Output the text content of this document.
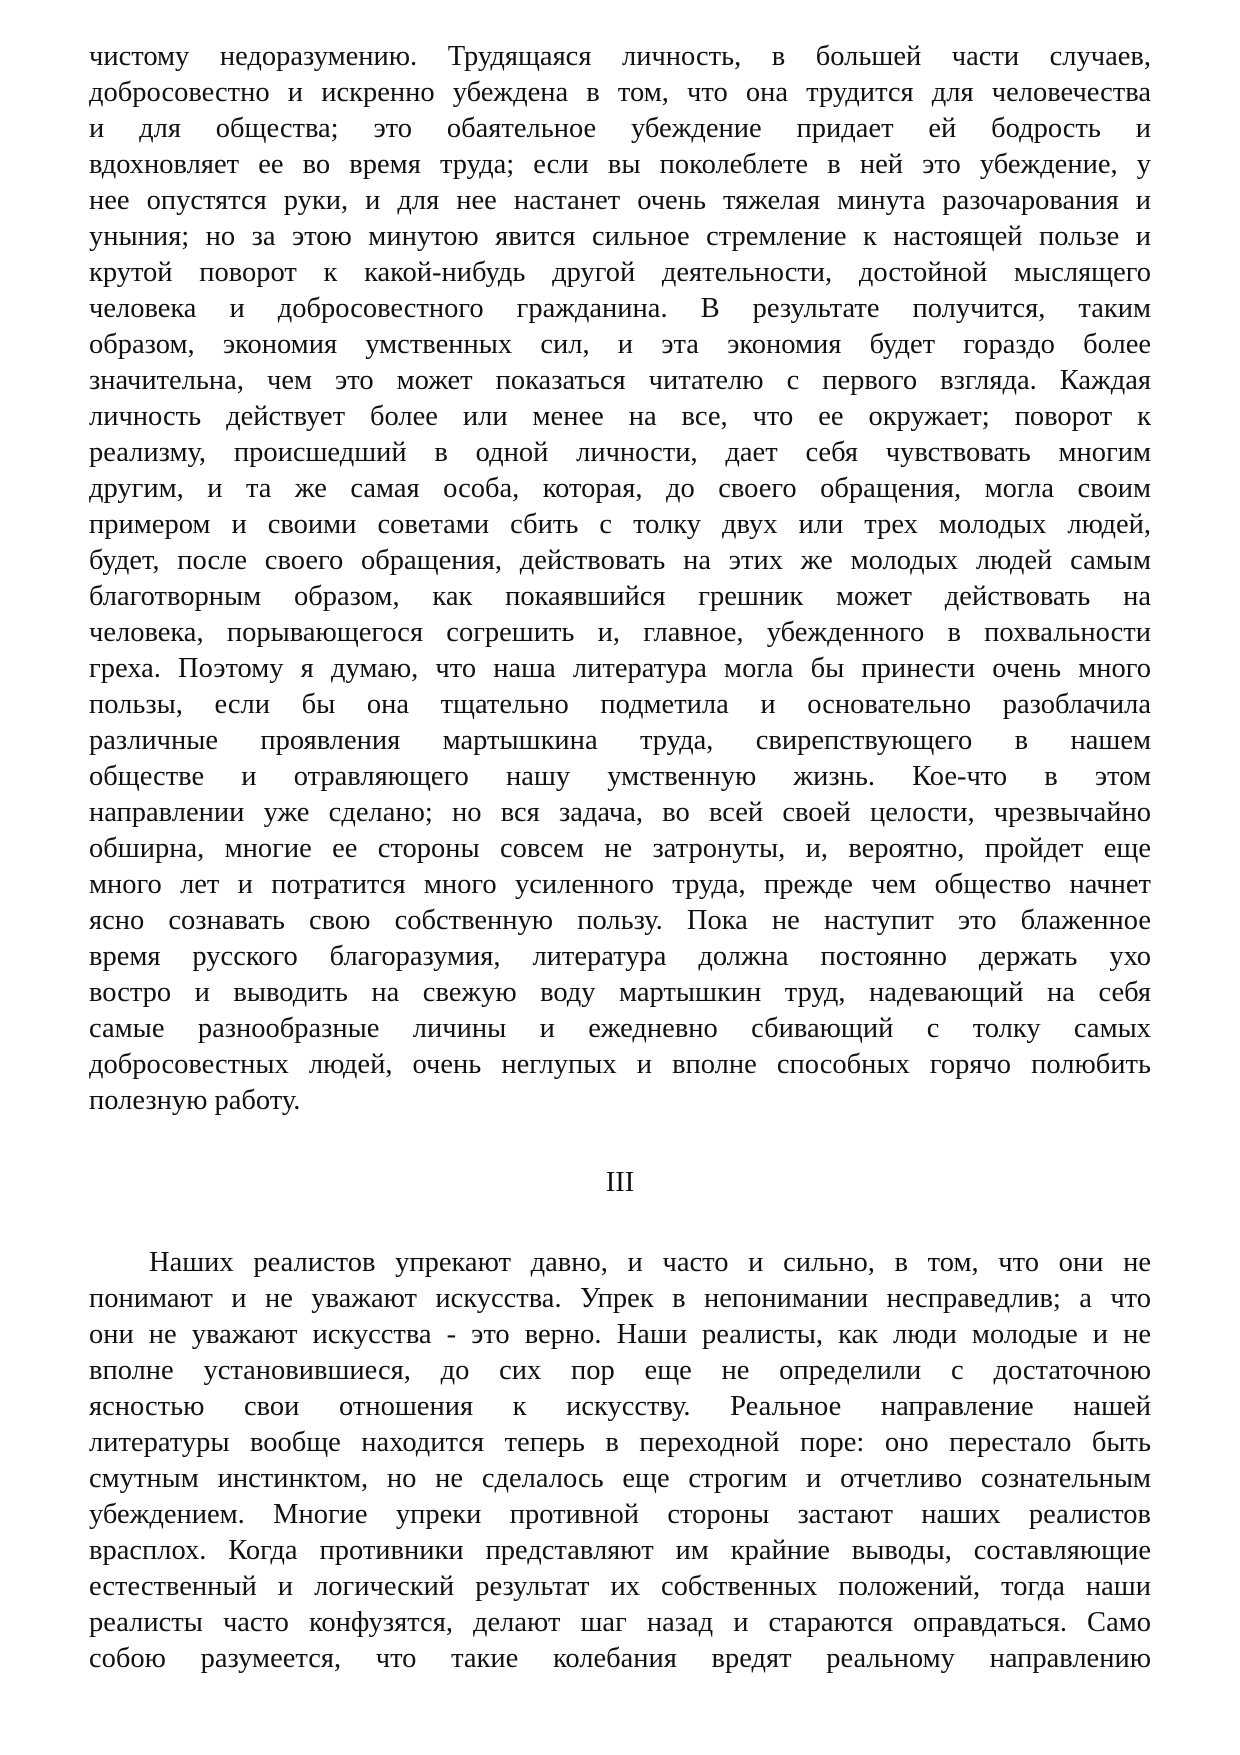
чистому недоразумению. Трудящаяся личность, в большей части случаев,
добросовестно и искренно убеждена в том, что она трудится для человечества
и для общества; это обаятельное убеждение придает ей бодрость и
вдохновляет ее во время труда; если вы поколеблете в ней это убеждение, у
нее опустятся руки, и для нее настанет очень тяжелая минута разочарования и
уныния; но за этою минутою явится сильное стремление к настоящей пользе и
крутой поворот к какой-нибудь другой деятельности, достойной мыслящего
человека и добросовестного гражданина. В результате получится, таким
образом, экономия умственных сил, и эта экономия будет гораздо более
значительна, чем это может показаться читателю с первого взгляда. Каждая
личность действует более или менее на все, что ее окружает; поворот к
реализму, происшедший в одной личности, дает себя чувствовать многим
другим, и та же самая особа, которая, до своего обращения, могла своим
примером и своими советами сбить с толку двух или трех молодых людей,
будет, после своего обращения, действовать на этих же молодых людей самым
благотворным образом, как покаявшийся грешник может действовать на
человека, порывающегося согрешить и, главное, убежденного в похвальности
греха. Поэтому я думаю, что наша литература могла бы принести очень много
пользы, если бы она тщательно подметила и основательно разоблачила
различные проявления мартышкина труда, свирепствующего в нашем
обществе и отравляющего нашу умственную жизнь. Кое-что в этом
направлении уже сделано; но вся задача, во всей своей целости, чрезвычайно
обширна, многие ее стороны совсем не затронуты, и, вероятно, пройдет еще
много лет и потратится много усиленного труда, прежде чем общество начнет
ясно сознавать свою собственную пользу. Пока не наступит это блаженное
время русского благоразумия, литература должна постоянно держать ухо
востро и выводить на свежую воду мартышкин труд, надевающий на себя
самые разнообразные личины и ежедневно сбивающий с толку самых
добросовестных людей, очень неглупых и вполне способных горячо полюбить
полезную работу.
III
Наших реалистов упрекают давно, и часто и сильно, в том, что они не
понимают и не уважают искусства. Упрек в непонимании несправедлив; а что
они не уважают искусства - это верно. Наши реалисты, как люди молодые и не
вполне установившиеся, до сих пор еще не определили с достаточною
ясностью свои отношения к искусству. Реальное направление нашей
литературы вообще находится теперь в переходной поре: оно перестало быть
смутным инстинктом, но не сделалось еще строгим и отчетливо сознательным
убеждением. Многие упреки противной стороны застают наших реалистов
врасплох. Когда противники представляют им крайние выводы, составляющие
естественный и логический результат их собственных положений, тогда наши
реалисты часто конфузятся, делают шаг назад и стараются оправдаться. Само
собою разумеется, что такие колебания вредят реальному направлению
